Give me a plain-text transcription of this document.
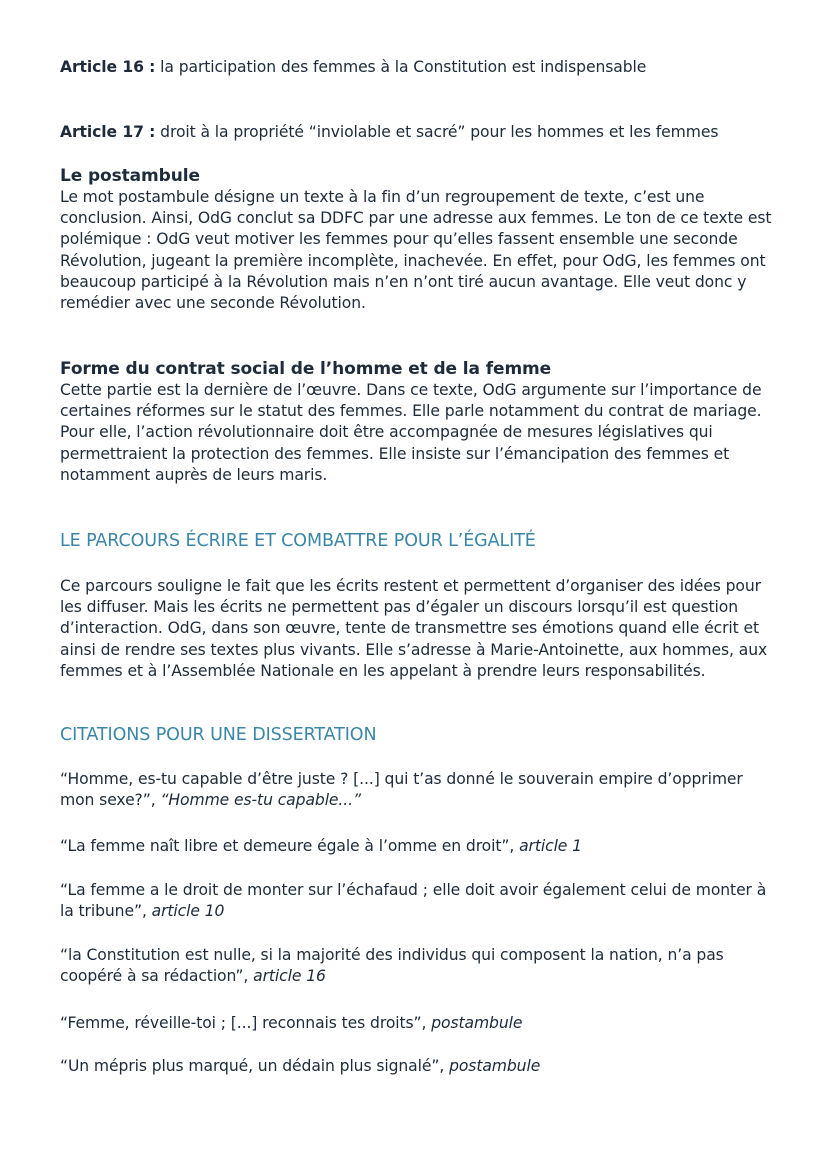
Article 16 : la participation des femmes à la Constitution est indispensable

Article 17 : droit à la propriété “inviolable et sacré” pour les hommes et les femmes

Le postambule

Le mot postambule désigne un texte à la fin d’un regroupement de texte, c’est une conclusion. Ainsi, OdG conclut sa DDFC par une adresse aux femmes. Le ton de ce texte est polémique : OdG veut motiver les femmes pour qu’elles fassent ensemble une seconde Révolution, jugeant la première incomplète, inachevée. En effet, pour OdG, les femmes ont beaucoup participé à la Révolution mais n’en n’ont tiré aucun avantage. Elle veut donc y remédier avec une seconde Révolution.

Forme du contrat social de l’homme et de la femme

Cette partie est la dernière de l’œuvre. Dans ce texte, OdG argumente sur l’importance de certaines réformes sur le statut des femmes. Elle parle notamment du contrat de mariage. Pour elle, l’action révolutionnaire doit être accompagnée de mesures législatives qui permettraient la protection des femmes. Elle insiste sur l’émancipation des femmes et notamment auprès de leurs maris.

LE PARCOURS ÉCRIRE ET COMBATTRE POUR L’ÉGALITÉ

Ce parcours souligne le fait que les écrits restent et permettent d’organiser des idées pour les diffuser. Mais les écrits ne permettent pas d’égaler un discours lorsqu’il est question d’interaction. OdG, dans son œuvre, tente de transmettre ses émotions quand elle écrit et ainsi de rendre ses textes plus vivants. Elle s’adresse à Marie-Antoinette, aux hommes, aux femmes et à l’Assemblée Nationale en les appelant à prendre leurs responsabilités.

CITATIONS POUR UNE DISSERTATION

“Homme, es-tu capable d’être juste ? [...] qui t’as donné le souverain empire d’opprimer mon sexe?”, “Homme es-tu capable...”

“La femme naît libre et demeure égale à l’omme en droit”, article 1

“La femme a le droit de monter sur l’échafaud ; elle doit avoir également celui de monter à la tribune”, article 10

“la Constitution est nulle, si la majorité des individus qui composent la nation, n’a pas coopéré à sa rédaction”, article 16

“Femme, réveille-toi ; [...] reconnais tes droits”, postambule

“Un mépris plus marqué, un dédain plus signalé”, postambule
